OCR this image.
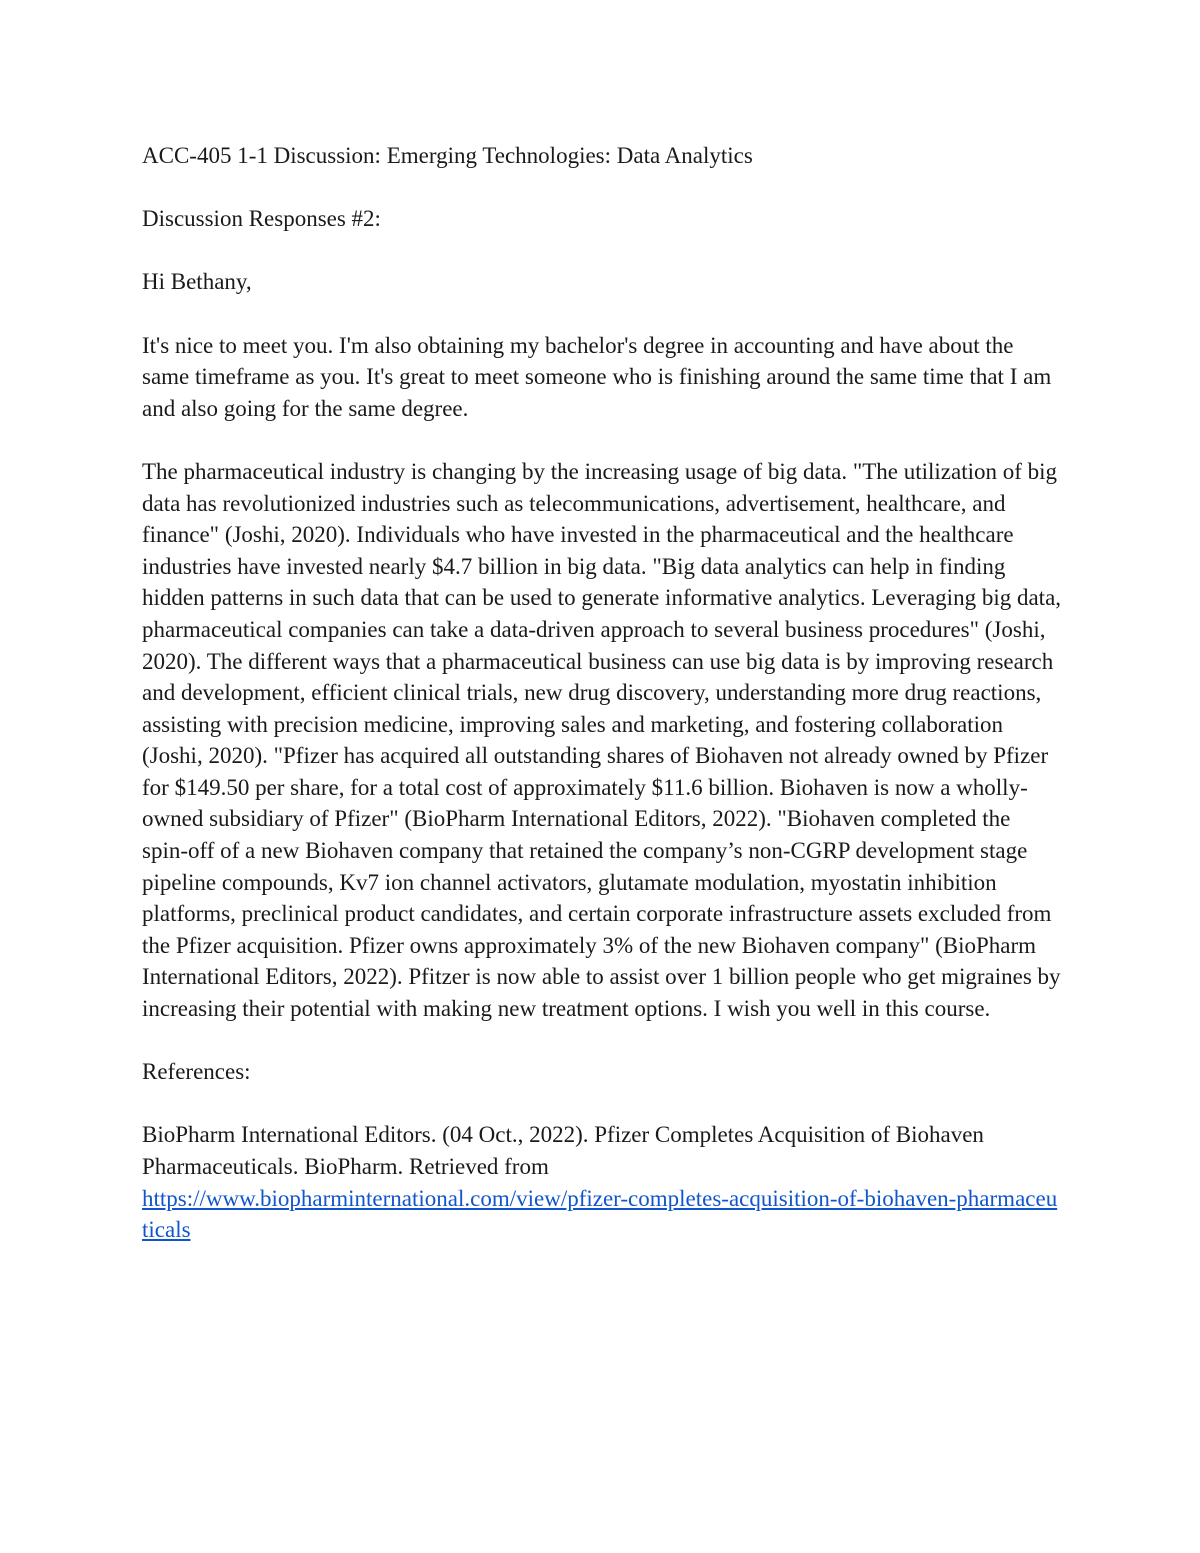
ACC-405 1-1 Discussion: Emerging Technologies: Data Analytics

Discussion Responses #2:

Hi Bethany,

It's nice to meet you. I'm also obtaining my bachelor's degree in accounting and have about the same timeframe as you. It's great to meet someone who is finishing around the same time that I am and also going for the same degree.

The pharmaceutical industry is changing by the increasing usage of big data. "The utilization of big data has revolutionized industries such as telecommunications, advertisement, healthcare, and finance" (Joshi, 2020). Individuals who have invested in the pharmaceutical and the healthcare industries have invested nearly $4.7 billion in big data. "Big data analytics can help in finding hidden patterns in such data that can be used to generate informative analytics. Leveraging big data, pharmaceutical companies can take a data-driven approach to several business procedures" (Joshi, 2020). The different ways that a pharmaceutical business can use big data is by improving research and development, efficient clinical trials, new drug discovery, understanding more drug reactions, assisting with precision medicine, improving sales and marketing, and fostering collaboration (Joshi, 2020). "Pfizer has acquired all outstanding shares of Biohaven not already owned by Pfizer for $149.50 per share, for a total cost of approximately $11.6 billion. Biohaven is now a wholly-owned subsidiary of Pfizer" (BioPharm International Editors, 2022). "Biohaven completed the spin-off of a new Biohaven company that retained the company’s non-CGRP development stage pipeline compounds, Kv7 ion channel activators, glutamate modulation, myostatin inhibition platforms, preclinical product candidates, and certain corporate infrastructure assets excluded from the Pfizer acquisition. Pfizer owns approximately 3% of the new Biohaven company" (BioPharm International Editors, 2022). Pfitzer is now able to assist over 1 billion people who get migraines by increasing their potential with making new treatment options. I wish you well in this course.

References:

BioPharm International Editors. (04 Oct., 2022). Pfizer Completes Acquisition of Biohaven Pharmaceuticals. BioPharm. Retrieved from
https://www.biopharminternational.com/view/pfizer-completes-acquisition-of-biohaven-pharmaceuticals
